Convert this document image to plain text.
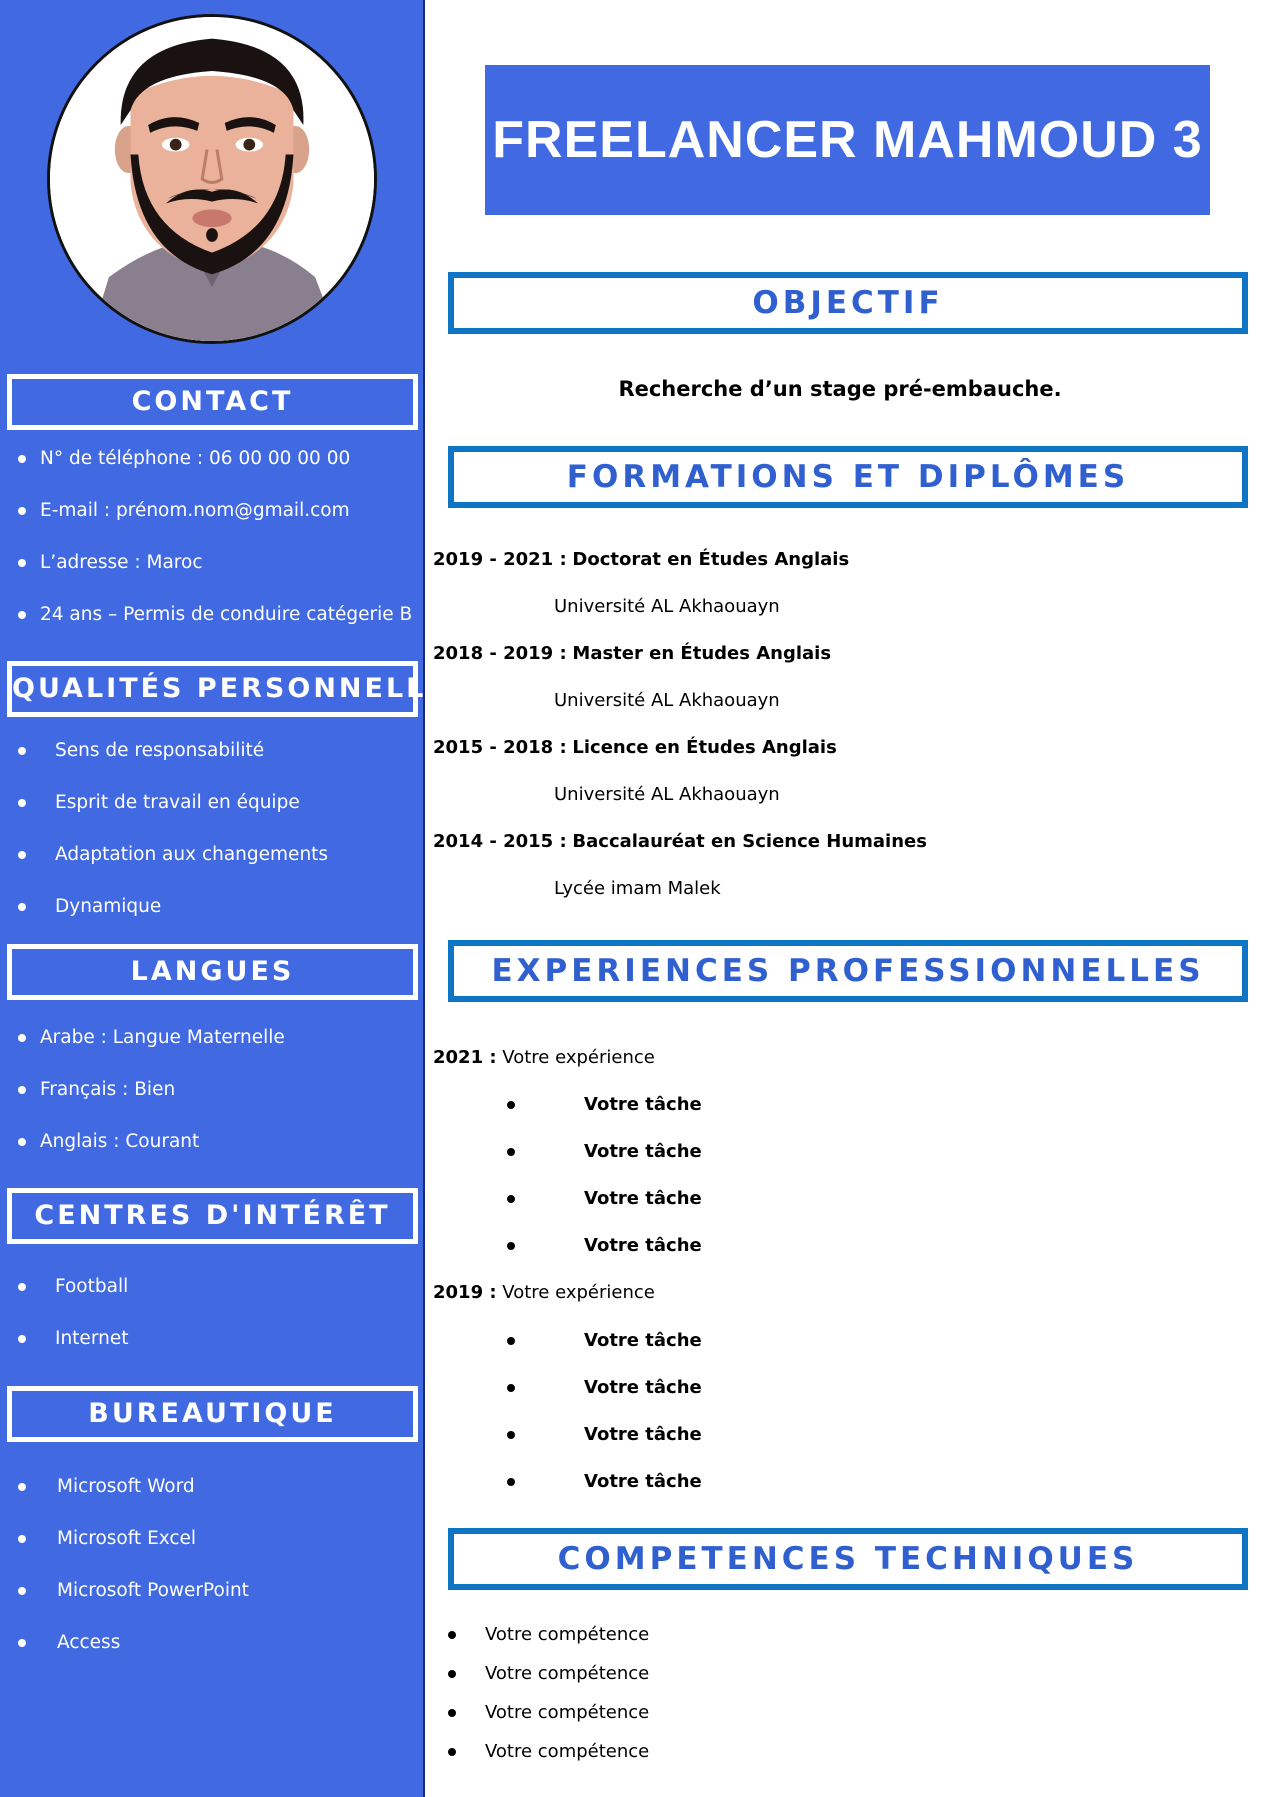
CONTACT
N° de téléphone : 06 00 00 00 00
E-mail : prénom.nom@gmail.com
L’adresse : Maroc
24 ans – Permis de conduire catégerie B
QUALITÉS PERSONNELLES
Sens de responsabilité
Esprit de travail en équipe
Adaptation aux changements
Dynamique
LANGUES
Arabe : Langue Maternelle
Français : Bien
Anglais : Courant
CENTRES D'INTÉRÊT
Football
Internet
BUREAUTIQUE
Microsoft Word
Microsoft Excel
Microsoft PowerPoint
Access
FREELANCER MAHMOUD 3
OBJECTIF
Recherche d’un stage pré-embauche.
FORMATIONS ET DIPLÔMES
2019 - 2021 : Doctorat en Études Anglais
Université AL Akhaouayn
2018 - 2019 : Master en Études Anglais
Université AL Akhaouayn
2015 - 2018 : Licence en Études Anglais
Université AL Akhaouayn
2014 - 2015 : Baccalauréat en Science Humaines
Lycée imam Malek
EXPERIENCES PROFESSIONNELLES
2021 : Votre expérience
Votre tâche
Votre tâche
Votre tâche
Votre tâche
2019 : Votre expérience
Votre tâche
Votre tâche
Votre tâche
Votre tâche
COMPETENCES TECHNIQUES
Votre compétence
Votre compétence
Votre compétence
Votre compétence
